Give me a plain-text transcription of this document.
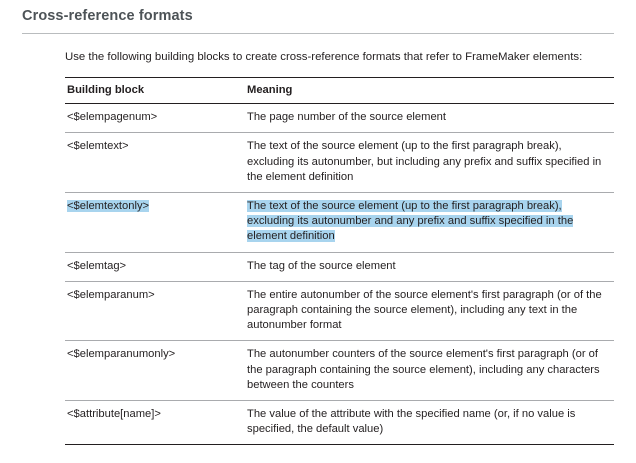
Cross-reference formats

Use the following building blocks to create cross-reference formats that refer to FrameMaker elements:

Building block	Meaning
<$elempagenum>	The page number of the source element
<$elemtext>	The text of the source element (up to the first paragraph break), excluding its autonumber, but including any prefix and suffix specified in the element definition
<$elemtextonly>	The text of the source element (up to the first paragraph break), excluding its autonumber and any prefix and suffix specified in the element definition
<$elemtag>	The tag of the source element
<$elemparanum>	The entire autonumber of the source element's first paragraph (or of the paragraph containing the source element), including any text in the autonumber format
<$elemparanumonly>	The autonumber counters of the source element's first paragraph (or of the paragraph containing the source element), including any characters between the counters
<$attribute[name]>	The value of the attribute with the specified name (or, if no value is specified, the default value)
